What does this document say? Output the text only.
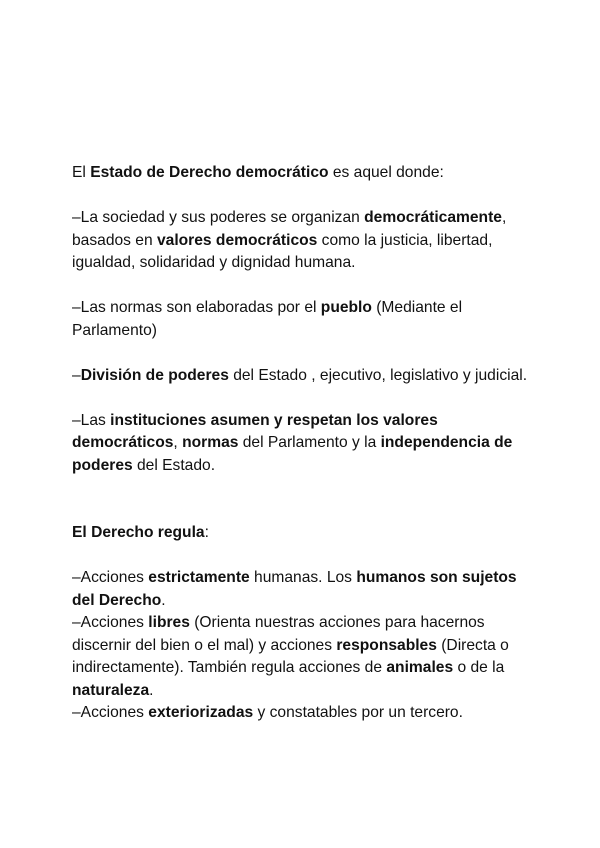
El Estado de Derecho democrático es aquel donde:

–La sociedad y sus poderes se organizan democráticamente, basados en valores democráticos como la justicia, libertad, igualdad, solidaridad y dignidad humana.

–Las normas son elaboradas por el pueblo (Mediante el Parlamento)

–División de poderes del Estado , ejecutivo, legislativo y judicial.

–Las instituciones asumen y respetan los valores democráticos, normas del Parlamento y la independencia de poderes del Estado.

El Derecho regula:

–Acciones estrictamente humanas. Los humanos son sujetos del Derecho.

–Acciones libres (Orienta nuestras acciones para hacernos discernir del bien o el mal) y acciones responsables (Directa o indirectamente). También regula acciones de animales o de la naturaleza.

–Acciones exteriorizadas y constatables por un tercero.
